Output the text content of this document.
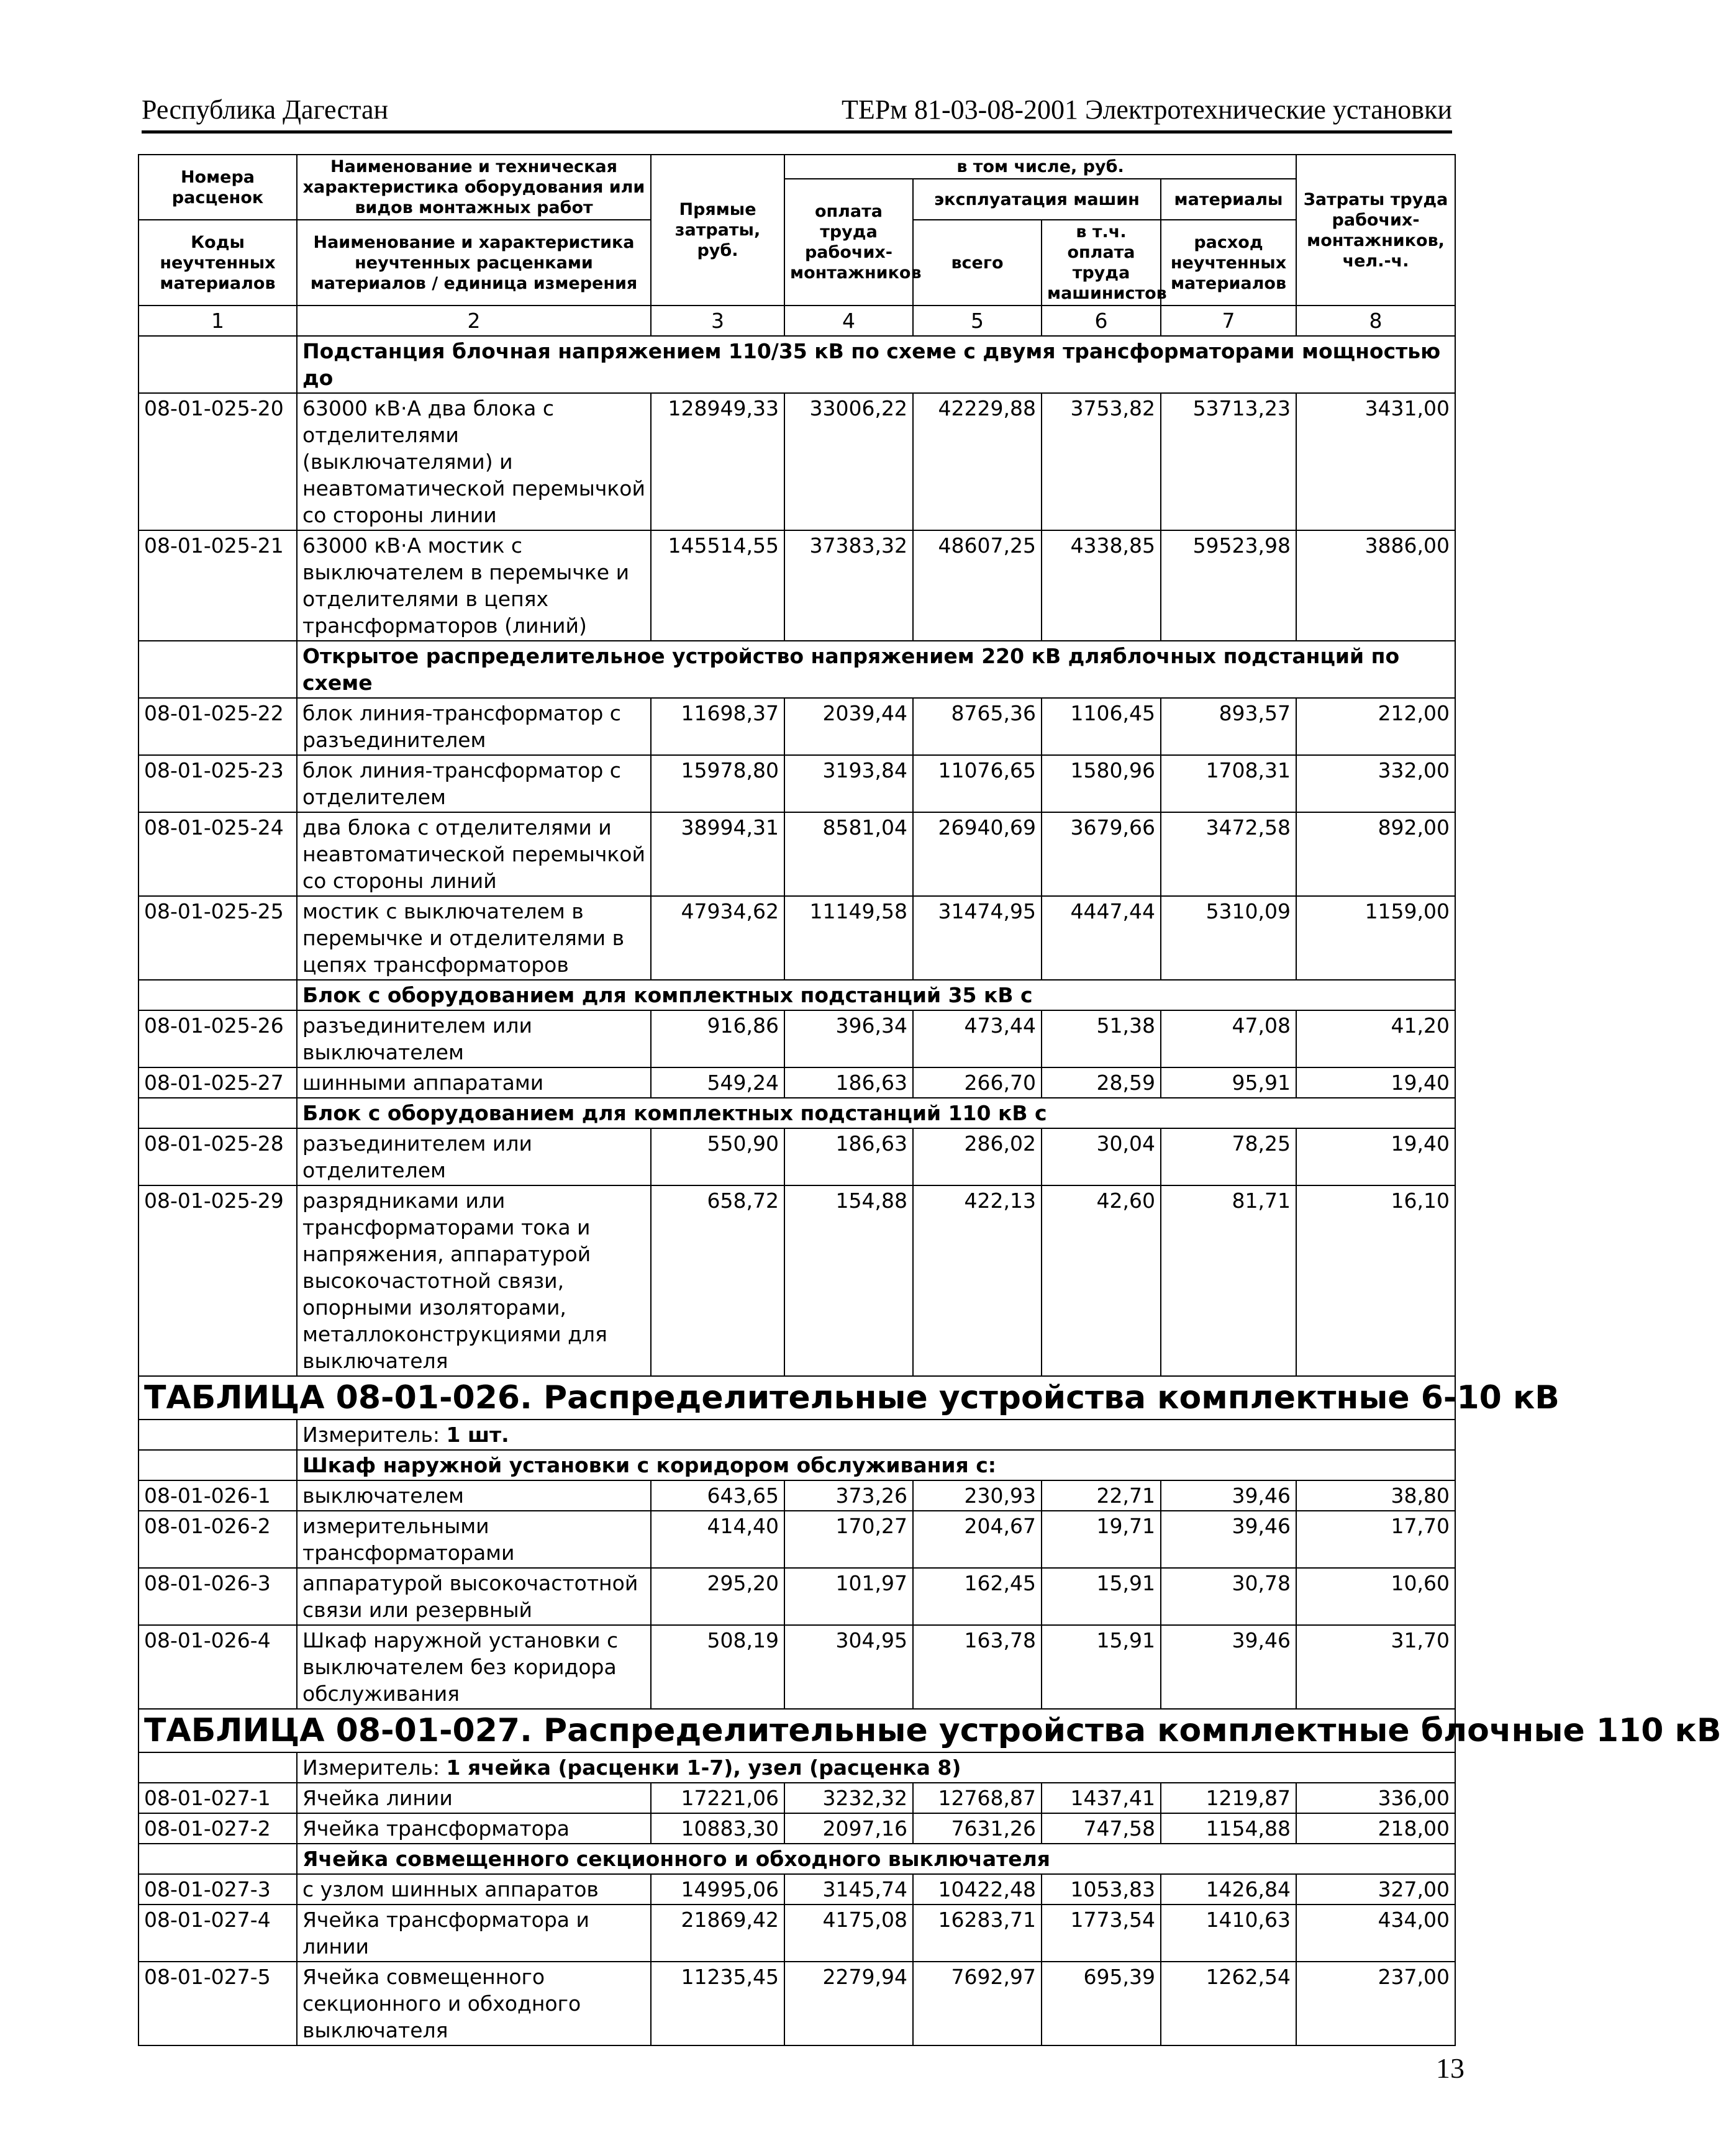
Республика Дагестан	ТЕРм 81-03-08-2001 Электротехнические установки
Номера расценок	Наименование и техническая характеристика оборудования или видов монтажных работ	Прямые затраты, руб.	в том числе, руб.				Затраты труда рабочих-монтажников, чел.-ч.
			оплата труда рабочих-монтажников	эксплуатация машин		материалы	
Коды неучтенных материалов	Наименование и характеристика неучтенных расценками материалов / единица измерения			всего	в т.ч. оплата труда машинистов	расход неучтенных материалов	

1	2	3	4	5	6	7	8
	Подстанция блочная напряжением 110/35 кВ по схеме с двумя трансформаторами мощностью до						
08-01-025-20	63000 кВ·А два блока с отделителями (выключателями) и неавтоматической перемычкой со стороны линии	128949,33	33006,22	42229,88	3753,82	53713,23	3431,00
08-01-025-21	63000 кВ·А мостик с выключателем в перемычке и отделителями в цепях трансформаторов (линий)	145514,55	37383,32	48607,25	4338,85	59523,98	3886,00
	Открытое распределительное устройство напряжением 220 кВ дляблочных подстанций по схеме						
08-01-025-22	блок линия-трансформатор с разъединителем	11698,37	2039,44	8765,36	1106,45	893,57	212,00
08-01-025-23	блок линия-трансформатор с отделителем	15978,80	3193,84	11076,65	1580,96	1708,31	332,00
08-01-025-24	два блока с отделителями и неавтоматической перемычкой со стороны линий	38994,31	8581,04	26940,69	3679,66	3472,58	892,00
08-01-025-25	мостик с выключателем в перемычке и отделителями в цепях трансформаторов	47934,62	11149,58	31474,95	4447,44	5310,09	1159,00
	Блок с оборудованием для комплектных подстанций 35 кВ с						
08-01-025-26	разъединителем или выключателем	916,86	396,34	473,44	51,38	47,08	41,20
08-01-025-27	шинными аппаратами	549,24	186,63	266,70	28,59	95,91	19,40
	Блок с оборудованием для комплектных подстанций 110 кВ с						
08-01-025-28	разъединителем или отделителем	550,90	186,63	286,02	30,04	78,25	19,40
08-01-025-29	разрядниками или трансформаторами тока и напряжения, аппаратурой высокочастотной связи, опорными изоляторами, металлоконструкциями для выключателя	658,72	154,88	422,13	42,60	81,71	16,10
ТАБЛИЦА 08-01-026. Распределительные устройства комплектные 6-10 кВ							
	Измеритель: 1 шт.						
	Шкаф наружной установки с коридором обслуживания с:						
08-01-026-1	выключателем	643,65	373,26	230,93	22,71	39,46	38,80
08-01-026-2	измерительными трансформаторами	414,40	170,27	204,67	19,71	39,46	17,70
08-01-026-3	аппаратурой высокочастотной связи или резервный	295,20	101,97	162,45	15,91	30,78	10,60
08-01-026-4	Шкаф наружной установки с выключателем без коридора обслуживания	508,19	304,95	163,78	15,91	39,46	31,70
ТАБЛИЦА 08-01-027. Распределительные устройства комплектные блочные 110 кВ							
	Измеритель: 1 ячейка (расценки 1-7), узел (расценка 8)						
08-01-027-1	Ячейка линии	17221,06	3232,32	12768,87	1437,41	1219,87	336,00
08-01-027-2	Ячейка трансформатора	10883,30	2097,16	7631,26	747,58	1154,88	218,00
	Ячейка совмещенного секционного и обходного выключателя						
08-01-027-3	с узлом шинных аппаратов	14995,06	3145,74	10422,48	1053,83	1426,84	327,00
08-01-027-4	Ячейка трансформатора и линии	21869,42	4175,08	16283,71	1773,54	1410,63	434,00
08-01-027-5	Ячейка совмещенного секционного и обходного выключателя	11235,45	2279,94	7692,97	695,39	1262,54	237,00
13
